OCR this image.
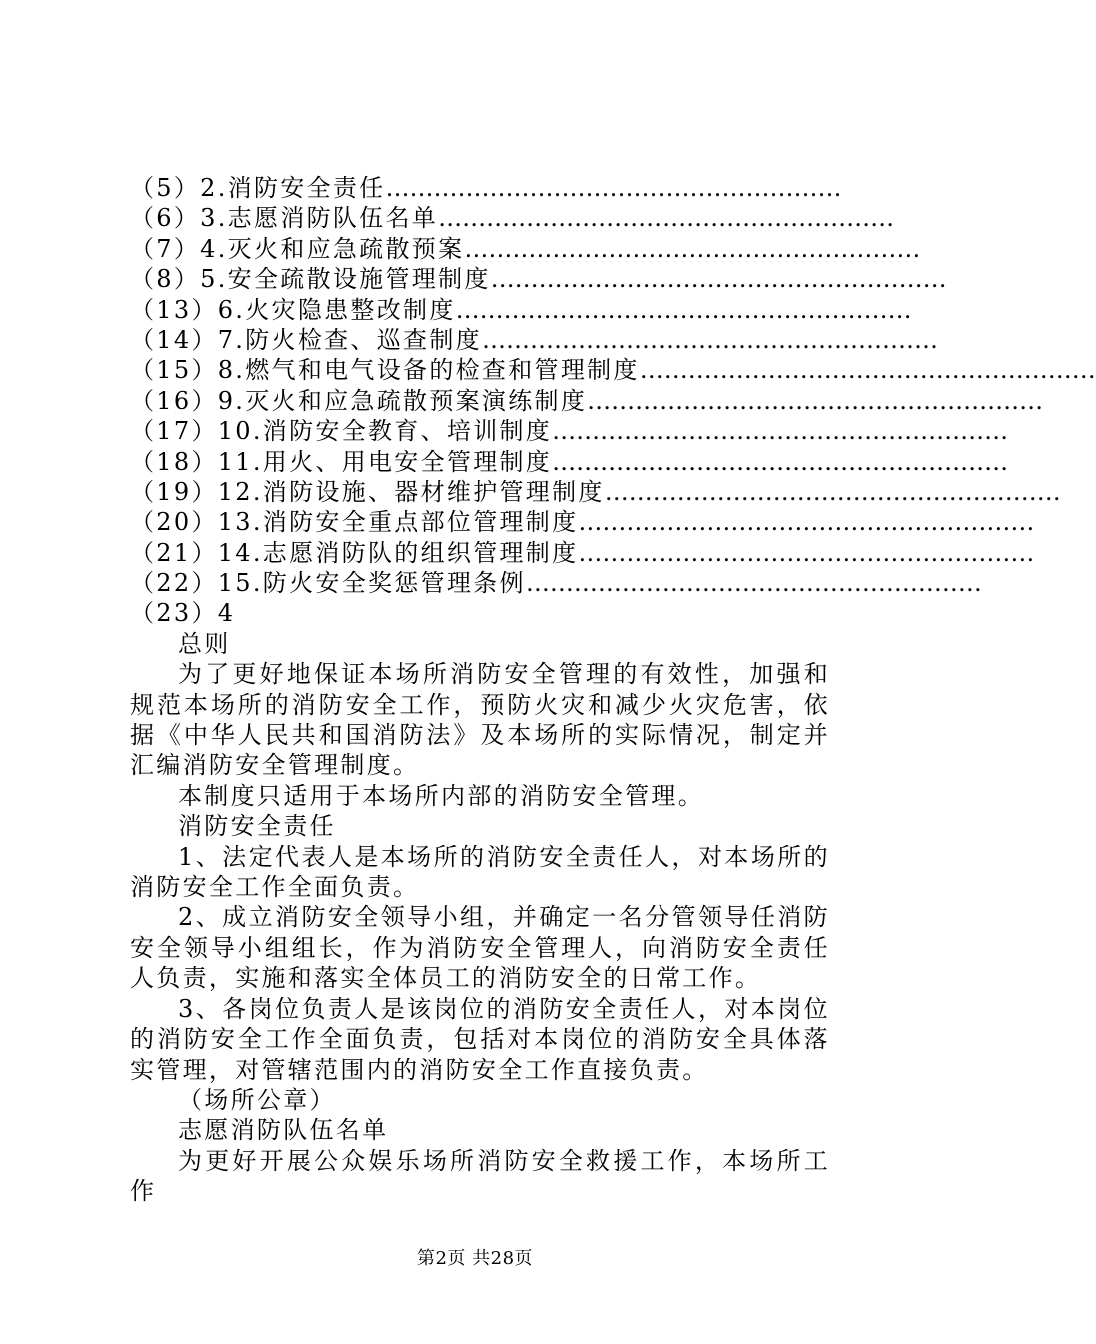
（5）2.消防安全责任 …………………………………………………
（6）3.志愿消防队伍名单 …………………………………………………
（7）4.灭火和应急疏散预案 …………………………………………………
（8）5.安全疏散设施管理制度 …………………………………………………
（13）6.火灾隐患整改制度 …………………………………………………
（14）7.防火检查、巡查制度 …………………………………………………
（15）8.燃气和电气设备的检查和管理制度 …………………………………………………
（16）9.灭火和应急疏散预案演练制度 …………………………………………………
（17）10.消防安全教育、培训制度 …………………………………………………
（18）11.用火、用电安全管理制度 …………………………………………………
（19）12.消防设施、器材维护管理制度 …………………………………………………
（20）13.消防安全重点部位管理制度 …………………………………………………
（21）14.志愿消防队的组织管理制度 …………………………………………………
（22）15.防火安全奖惩管理条例 …………………………………………………
（23）4
总则
为了更好地保证本场所消防安全管理的有效性，加强和规范本场所的消防安全工作，预防火灾和减少火灾危害，依据《中华人民共和国消防法》及本场所的实际情况，制定并汇编消防安全管理制度。
本制度只适用于本场所内部的消防安全管理。
消防安全责任
1、法定代表人是本场所的消防安全责任人，对本场所的消防安全工作全面负责。
2、成立消防安全领导小组，并确定一名分管领导任消防安全领导小组组长，作为消防安全管理人，向消防安全责任人负责，实施和落实全体员工的消防安全的日常工作。
3、各岗位负责人是该岗位的消防安全责任人，对本岗位的消防安全工作全面负责，包括对本岗位的消防安全具体落实管理，对管辖范围内的消防安全工作直接负责。
（场所公章）
志愿消防队伍名单
为更好开展公众娱乐场所消防安全救援工作，本场所工作
第2页 共28页
